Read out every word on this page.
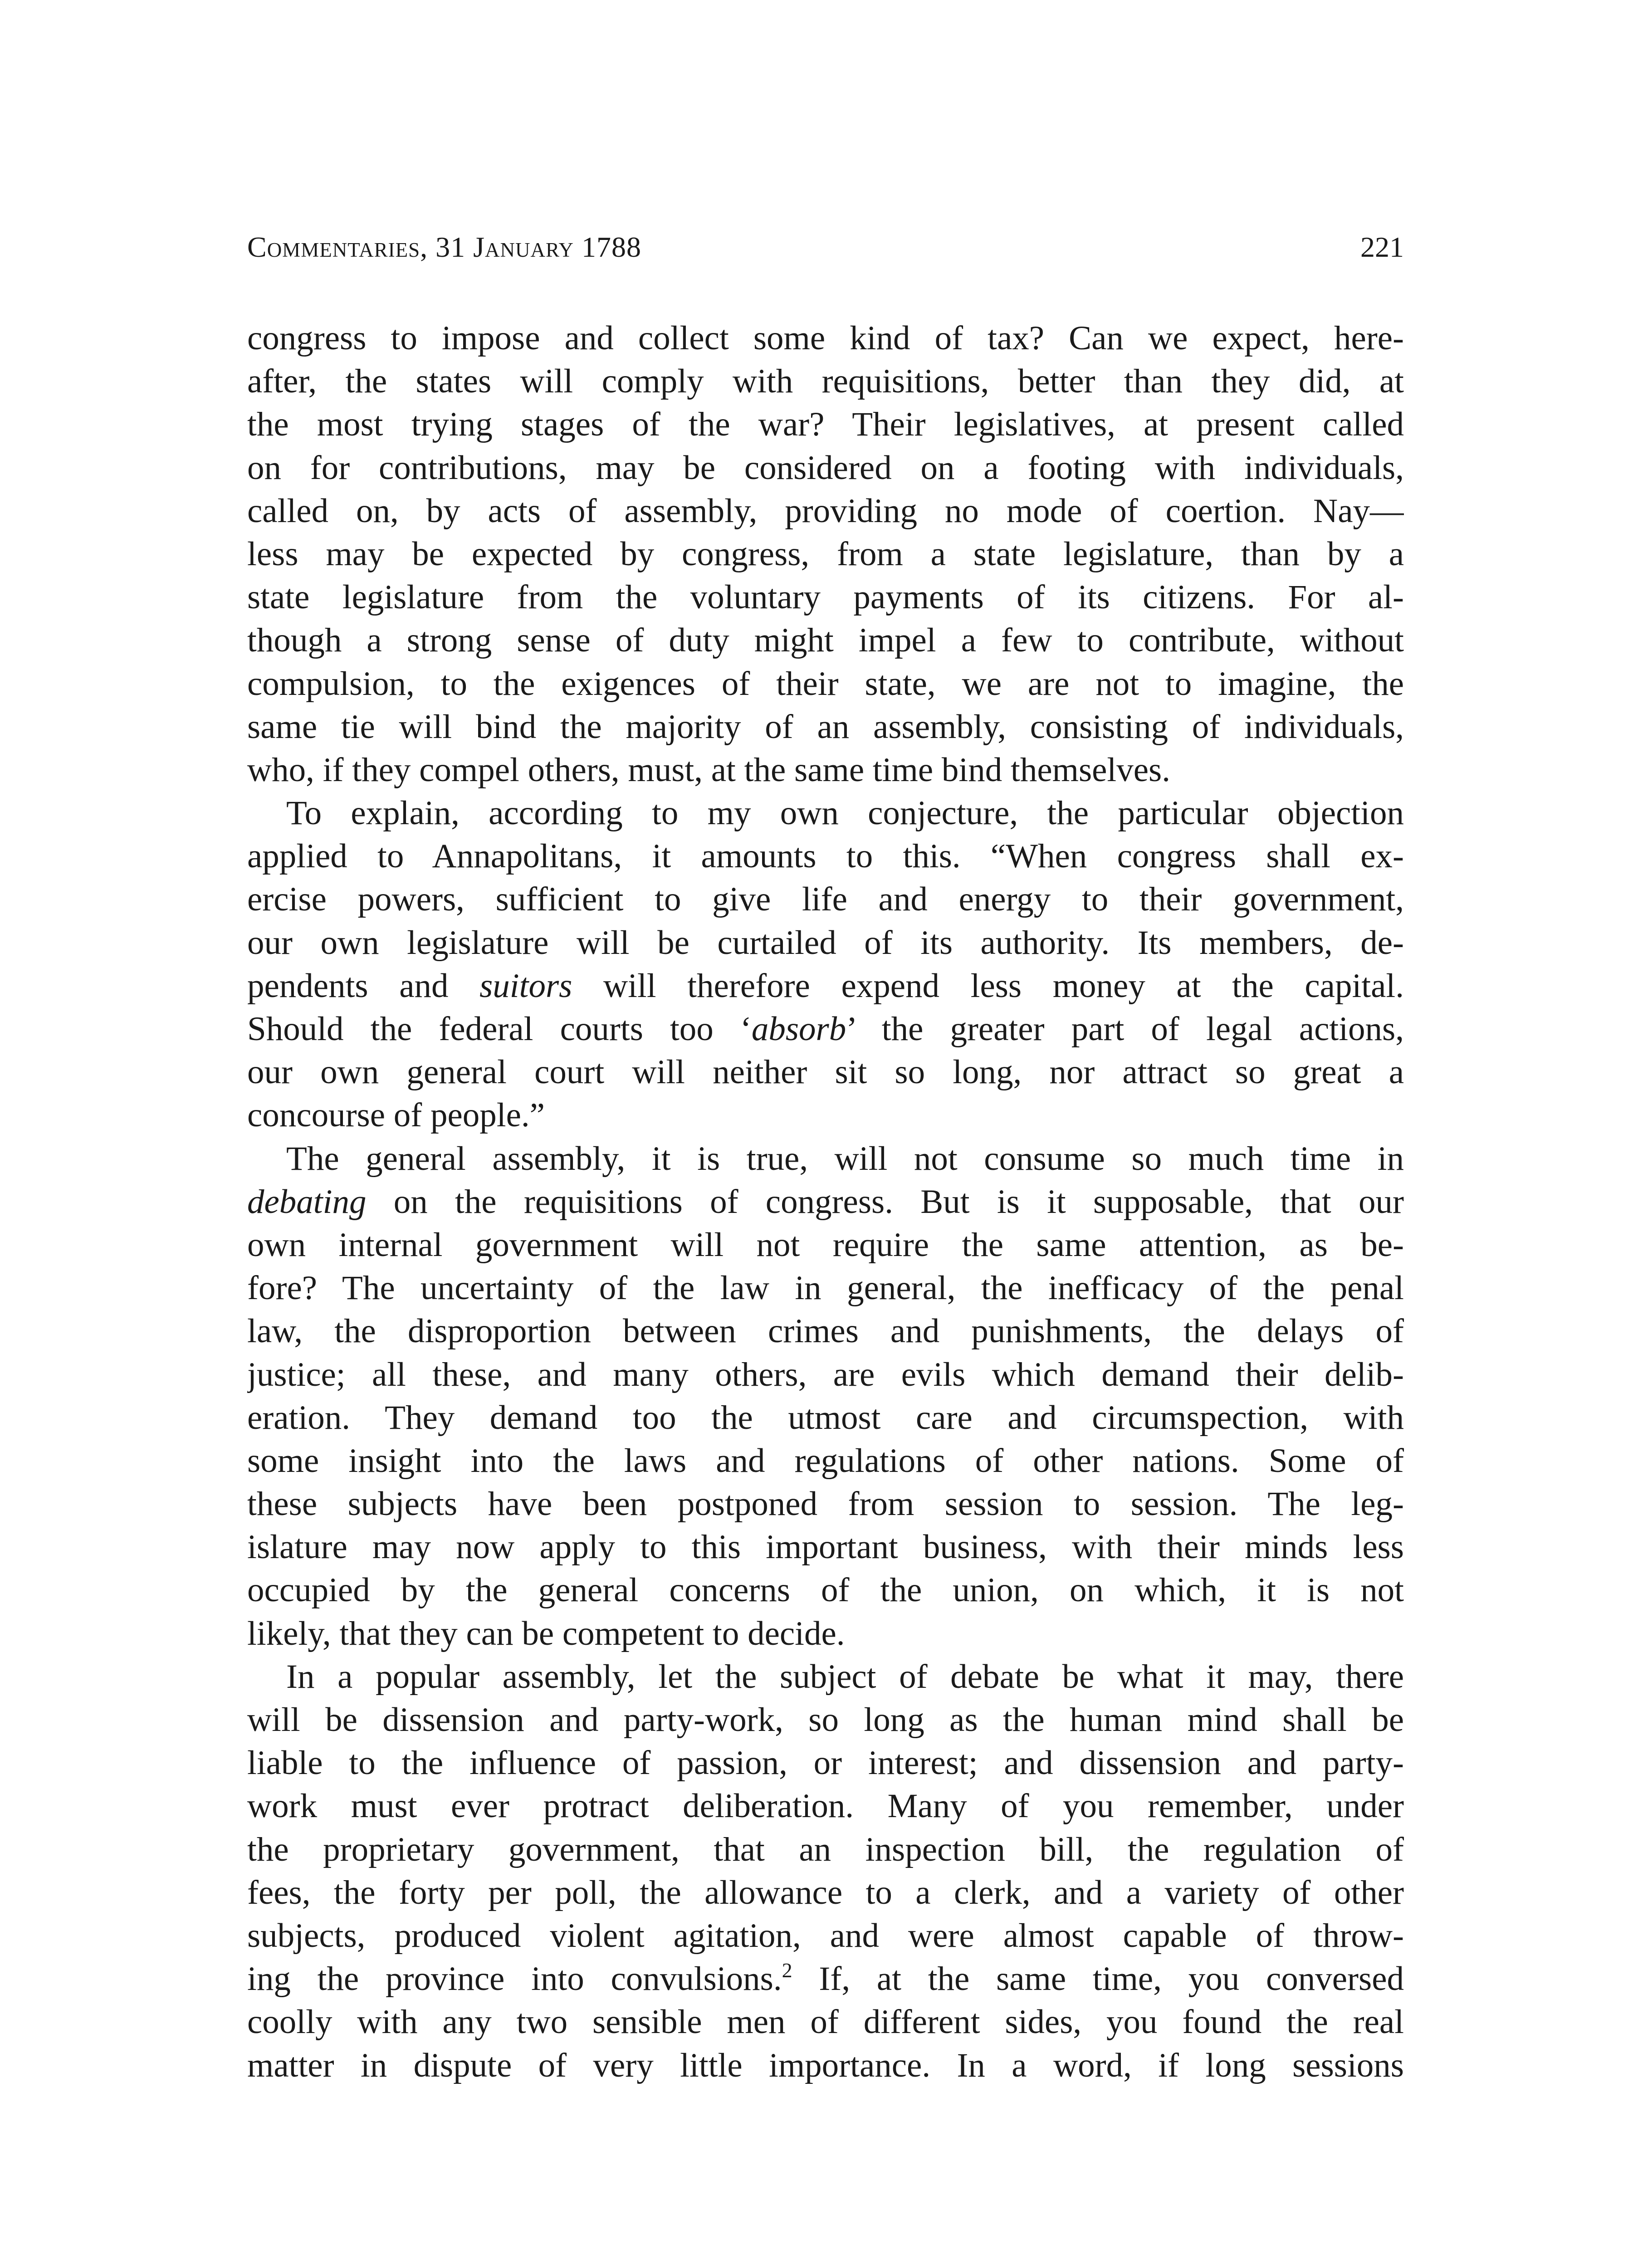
Commentaries, 31 January 1788	221
congress to impose and collect some kind of tax? Can we expect, here-
after, the states will comply with requisitions, better than they did, at
the most trying stages of the war? Their legislatives, at present called
on for contributions, may be considered on a footing with individuals,
called on, by acts of assembly, providing no mode of coertion. Nay—
less may be expected by congress, from a state legislature, than by a
state legislature from the voluntary payments of its citizens. For al-
though a strong sense of duty might impel a few to contribute, without
compulsion, to the exigences of their state, we are not to imagine, the
same tie will bind the majority of an assembly, consisting of individuals,
who, if they compel others, must, at the same time bind themselves.
To explain, according to my own conjecture, the particular objection
applied to Annapolitans, it amounts to this. “When congress shall ex-
ercise powers, sufficient to give life and energy to their government,
our own legislature will be curtailed of its authority. Its members, de-
pendents and suitors will therefore expend less money at the capital.
Should the federal courts too ‘absorb’ the greater part of legal actions,
our own general court will neither sit so long, nor attract so great a
concourse of people.”
The general assembly, it is true, will not consume so much time in
debating on the requisitions of congress. But is it supposable, that our
own internal government will not require the same attention, as be-
fore? The uncertainty of the law in general, the inefficacy of the penal
law, the disproportion between crimes and punishments, the delays of
justice; all these, and many others, are evils which demand their delib-
eration. They demand too the utmost care and circumspection, with
some insight into the laws and regulations of other nations. Some of
these subjects have been postponed from session to session. The leg-
islature may now apply to this important business, with their minds less
occupied by the general concerns of the union, on which, it is not
likely, that they can be competent to decide.
In a popular assembly, let the subject of debate be what it may, there
will be dissension and party-work, so long as the human mind shall be
liable to the influence of passion, or interest; and dissension and party-
work must ever protract deliberation. Many of you remember, under
the proprietary government, that an inspection bill, the regulation of
fees, the forty per poll, the allowance to a clerk, and a variety of other
subjects, produced violent agitation, and were almost capable of throw-
ing the province into convulsions.$^2$ If, at the same time, you conversed
coolly with any two sensible men of different sides, you found the real
matter in dispute of very little importance. In a word, if long sessions
